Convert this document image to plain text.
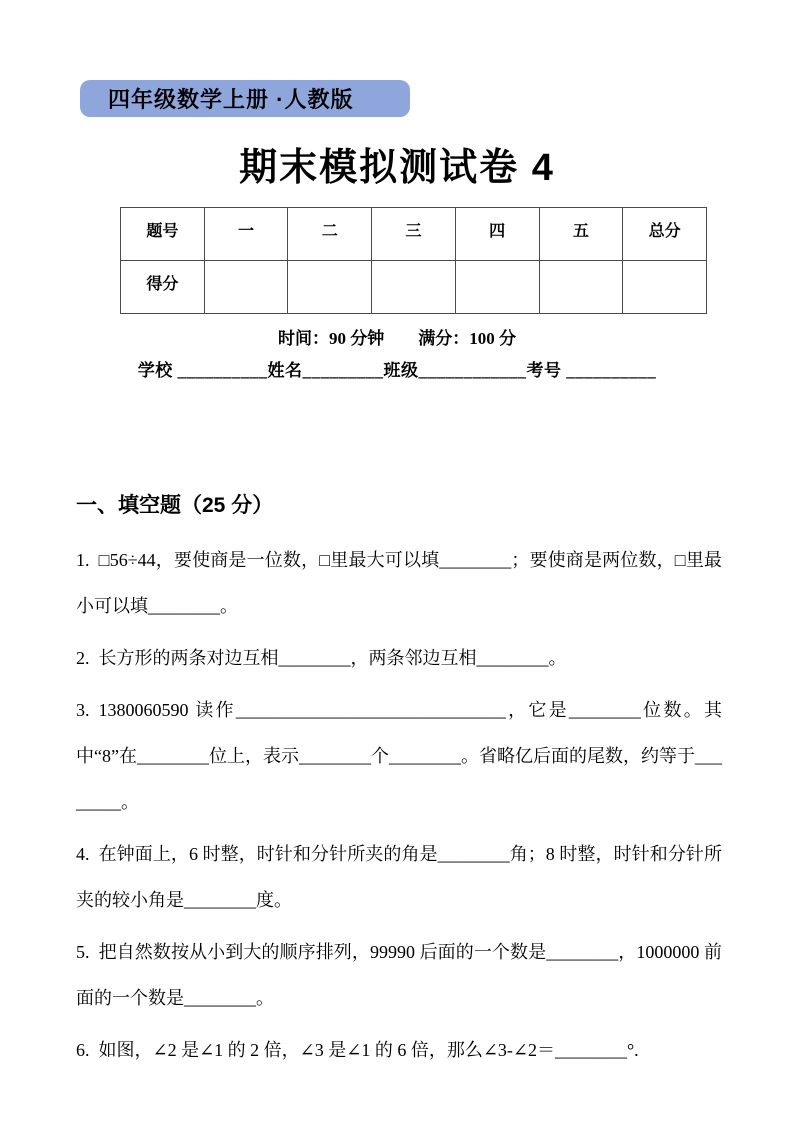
四年级数学上册 ·人教版
期末模拟测试卷 4
题号	一	二	三	四	五	总分
得分						
时间：90 分钟　　满分：100 分
学校 __________姓名_________班级____________考号 __________
一、填空题（25 分）

1. □56÷44，要使商是一位数，□里最大可以填________；要使商是两位数，□里最小可以填________。

2. 长方形的两条对边互相________，两条邻边互相________。

3. 1380060590 读作______________________________，它是________位数。其中“8”在________位上，表示________个________。省略亿后面的尾数，约等于________。

4. 在钟面上，6 时整，时针和分针所夹的角是________角；8 时整，时针和分针所夹的较小角是________度。

5. 把自然数按从小到大的顺序排列，99990 后面的一个数是________，1000000 前面的一个数是________。

6. 如图，∠2 是∠1 的 2 倍，∠3 是∠1 的 6 倍，那么∠3-∠2＝________°.
